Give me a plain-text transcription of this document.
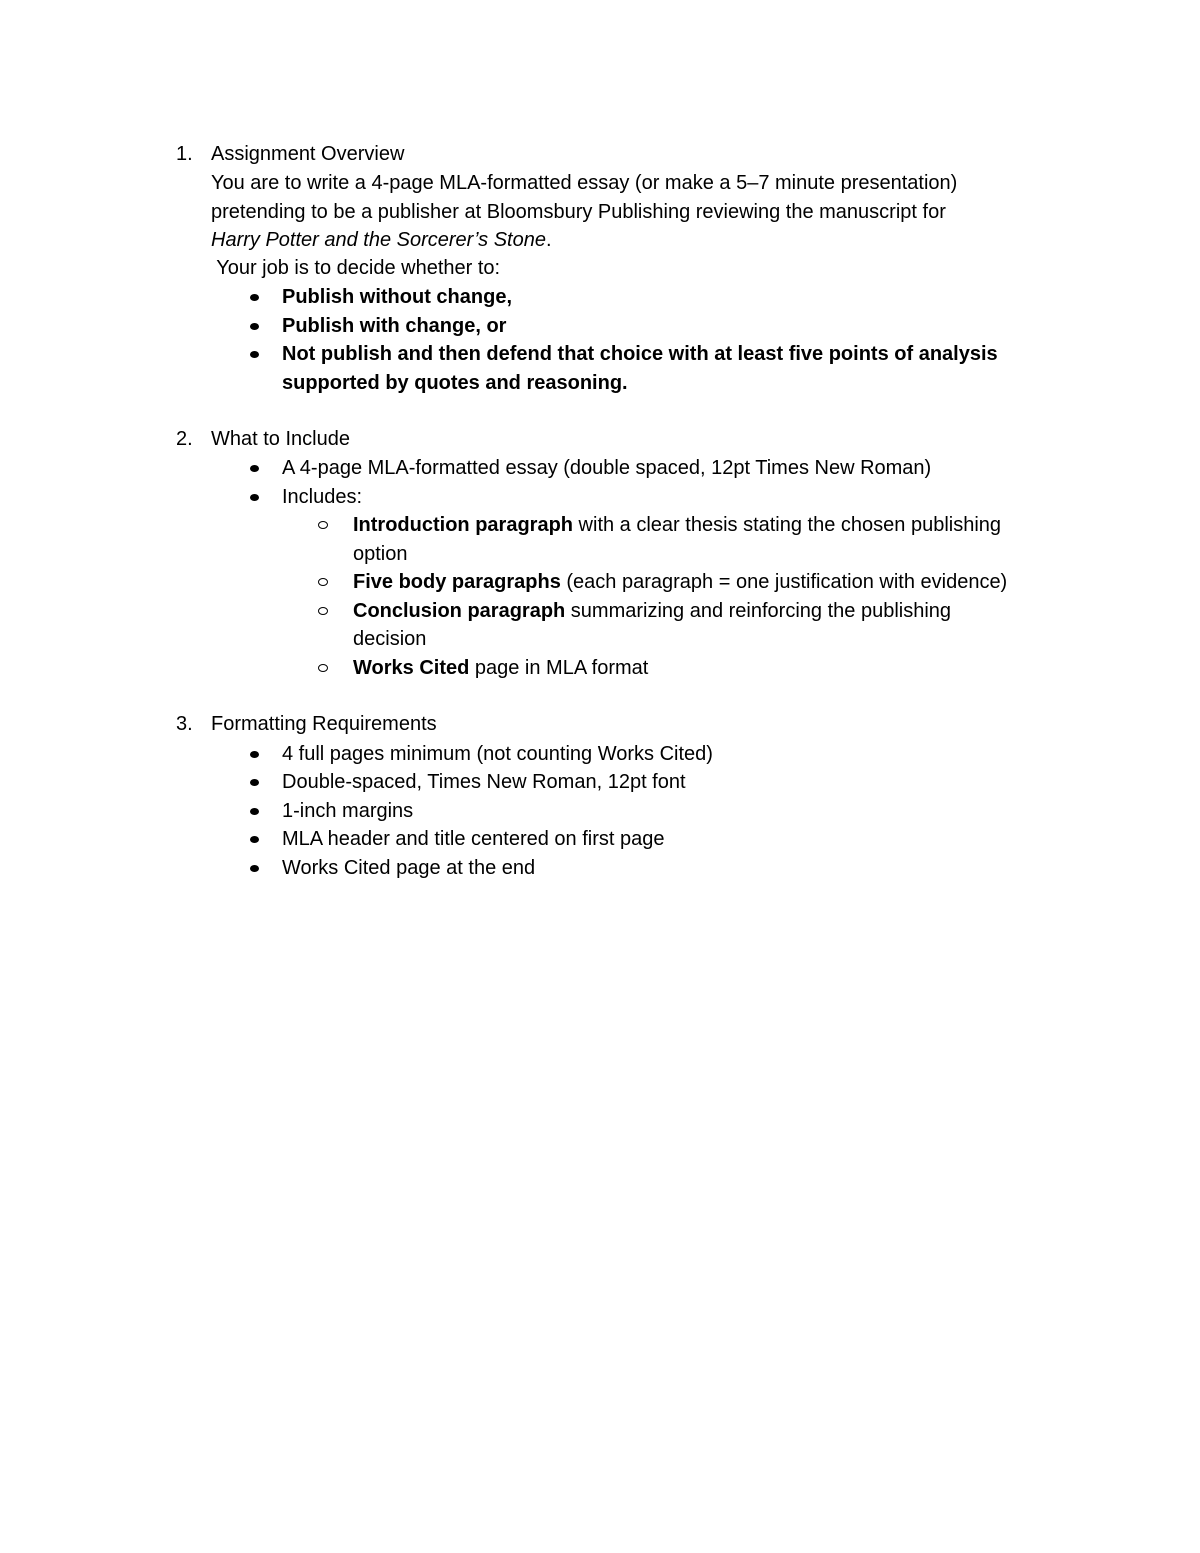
1. Assignment Overview
You are to write a 4-page MLA-formatted essay (or make a 5–7 minute presentation)
pretending to be a publisher at Bloomsbury Publishing reviewing the manuscript for
Harry Potter and the Sorcerer’s Stone.
Your job is to decide whether to:
Publish without change,
Publish with change, or
Not publish and then defend that choice with at least five points of analysis
supported by quotes and reasoning.
2. What to Include
A 4-page MLA-formatted essay (double spaced, 12pt Times New Roman)
Includes:
Introduction paragraph with a clear thesis stating the chosen publishing
option
Five body paragraphs (each paragraph = one justification with evidence)
Conclusion paragraph summarizing and reinforcing the publishing
decision
Works Cited page in MLA format
3. Formatting Requirements
4 full pages minimum (not counting Works Cited)
Double-spaced, Times New Roman, 12pt font
1-inch margins
MLA header and title centered on first page
Works Cited page at the end
